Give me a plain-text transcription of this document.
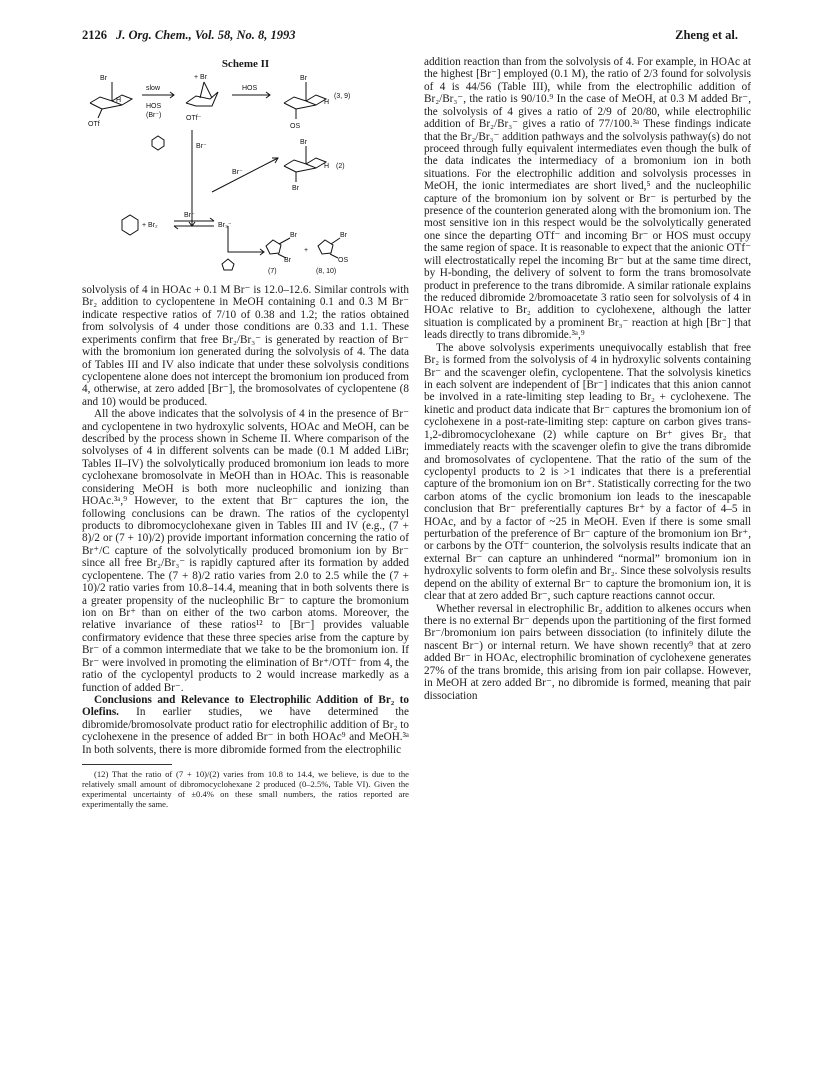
2126 J. Org. Chem., Vol. 58, No. 8, 1993	Zheng et al.
Scheme II
Br
H
OTf
slow
HOS
(Br⁻)
+ Br
OTf⁻
HOS
Br
H
OS
(3, 9)
Br⁻
Br⁻
Br
H
Br
(2)
+ Br₂
Br⁻
Br₃⁻
Br
Br
+
Br
OS
(7)	(8, 10)

solvolysis of 4 in HOAc + 0.1 M Br⁻ is 12.0–12.6. Similar controls with Br₂ addition to cyclopentene in MeOH containing 0.1 and 0.3 M Br⁻ indicate respective ratios of 7/10 of 0.38 and 1.2; the ratios obtained from solvolysis of 4 under those conditions are 0.33 and 1.1. These experiments confirm that free Br₂/Br₃⁻ is generated by reaction of Br⁻ with the bromonium ion generated during the solvolysis of 4. The data of Tables III and IV also indicate that under these solvolysis conditions cyclopentene alone does not intercept the bromonium ion produced from 4, otherwise, at zero added [Br⁻], the bromosolvates of cyclopentene (8 and 10) would be produced.

All the above indicates that the solvolysis of 4 in the presence of Br⁻ and cyclopentene in two hydroxylic solvents, HOAc and MeOH, can be described by the process shown in Scheme II. Where comparison of the solvolyses of 4 in different solvents can be made (0.1 M added LiBr; Tables II–IV) the solvolytically produced bromonium ion leads to more cyclohexane bromosolvate in MeOH than in HOAc. This is reasonable considering MeOH is both more nucleophilic and ionizing than HOAc.³ᵃ,⁹ However, to the extent that Br⁻ captures the ion, the following conclusions can be drawn. The ratios of the cyclopentyl products to dibromocyclohexane given in Tables III and IV (e.g., (7 + 8)/2 or (7 + 10)/2) provide important information concerning the ratio of Br⁺/C capture of the solvolytically produced bromonium ion by Br⁻ since all free Br₂/Br₃⁻ is rapidly captured after its formation by added cyclopentene. The (7 + 8)/2 ratio varies from 2.0 to 2.5 while the (7 + 10)/2 ratio varies from 10.8–14.4, meaning that in both solvents there is a greater propensity of the nucleophilic Br⁻ to capture the bromonium ion on Br⁺ than on either of the two carbon atoms. Moreover, the relative invariance of these ratios¹² to [Br⁻] provides valuable confirmatory evidence that these three species arise from the capture by Br⁻ of a common intermediate that we take to be the bromonium ion. If Br⁻ were involved in promoting the elimination of Br⁺/OTf⁻ from 4, the ratio of the cyclopentyl products to 2 would increase markedly as a function of added Br⁻.

Conclusions and Relevance to Electrophilic Addition of Br₂ to Olefins. In earlier studies, we have determined the dibromide/bromosolvate product ratio for electrophilic addition of Br₂ to cyclohexene in the presence of added Br⁻ in both HOAc⁹ and MeOH.³ᵃ In both solvents, there is more dibromide formed from the electrophilic

(12) That the ratio of (7 + 10)/(2) varies from 10.8 to 14.4, we believe, is due to the relatively small amount of dibromocyclohexane 2 produced (0–2.5%, Table VI). Given the experimental uncertainty of ±0.4% on these small numbers, the ratios reported are experimentally the same.

addition reaction than from the solvolysis of 4. For example, in HOAc at the highest [Br⁻] employed (0.1 M), the ratio of 2/3 found for solvolysis of 4 is 44/56 (Table III), while from the electrophilic addition of Br₂/Br₃⁻, the ratio is 90/10.⁹ In the case of MeOH, at 0.3 M added Br⁻, the solvolysis of 4 gives a ratio of 2/9 of 20/80, while electrophilic addition of Br₂/Br₃⁻ gives a ratio of 77/100.³ᵃ These findings indicate that the Br₂/Br₃⁻ addition pathways and the solvolysis pathway(s) do not proceed through fully equivalent intermediates even though the bulk of the data indicates the intermediacy of a bromonium ion in both situations. For the electrophilic addition and solvolysis processes in MeOH, the ionic intermediates are short lived,⁵ and the nucleophilic capture of the bromonium ion by solvent or Br⁻ is perturbed by the presence of the counterion generated along with the bromonium ion. The most sensitive ion in this respect would be the solvolytically generated one since the departing OTf⁻ and incoming Br⁻ or HOS must occupy the same region of space. It is reasonable to expect that the anionic OTf⁻ will electrostatically repel the incoming Br⁻ but at the same time direct, by H-bonding, the delivery of solvent to form the trans bromosolvate product in preference to the trans dibromide. A similar rationale explains the reduced dibromide 2/bromoacetate 3 ratio seen for solvolysis of 4 in HOAc relative to Br₂ addition to cyclohexene, although the latter situation is complicated by a prominent Br₃⁻ reaction at high [Br⁻] that leads directly to trans dibromide.³ᵃ,⁹

The above solvolysis experiments unequivocally establish that free Br₂ is formed from the solvolysis of 4 in hydroxylic solvents containing Br⁻ and the scavenger olefin, cyclopentene. That the solvolysis kinetics in each solvent are independent of [Br⁻] indicates that this anion cannot be involved in a rate-limiting step leading to Br₂ + cyclohexene. The kinetic and product data indicate that Br⁻ captures the bromonium ion of cyclohexene in a post-rate-limiting step: capture on carbon gives trans-1,2-dibromocyclohexane (2) while capture on Br⁺ gives Br₂ that immediately reacts with the scavenger olefin to give the trans dibromide and bromosolvates of cyclopentene. That the ratio of the sum of the cyclopentyl products to 2 is >1 indicates that there is a preferential capture of the bromonium ion on Br⁺. Statistically correcting for the two carbon atoms of the cyclic bromonium ion leads to the inescapable conclusion that Br⁻ preferentially captures Br⁺ by a factor of 4–5 in HOAc, and by a factor of ~25 in MeOH. Even if there is some small perturbation of the preference of Br⁻ capture of the bromonium ion Br⁺, or carbons by the OTf⁻ counterion, the solvolysis results indicate that an external Br⁻ can capture an unhindered “normal” bromonium ion in hydroxylic solvents to form olefin and Br₂. Since these solvolysis results depend on the ability of external Br⁻ to capture the bromonium ion, it is clear that at zero added Br⁻, such capture reactions cannot occur.

Whether reversal in electrophilic Br₂ addition to alkenes occurs when there is no external Br⁻ depends upon the partitioning of the first formed Br⁻/bromonium ion pairs between dissociation (to infinitely dilute the nascent Br⁻) or internal return. We have shown recently⁹ that at zero added Br⁻ in HOAc, electrophilic bromination of cyclohexene generates 27% of the trans bromide, this arising from ion pair collapse. However, in MeOH at zero added Br⁻, no dibromide is formed, meaning that pair dissociation
